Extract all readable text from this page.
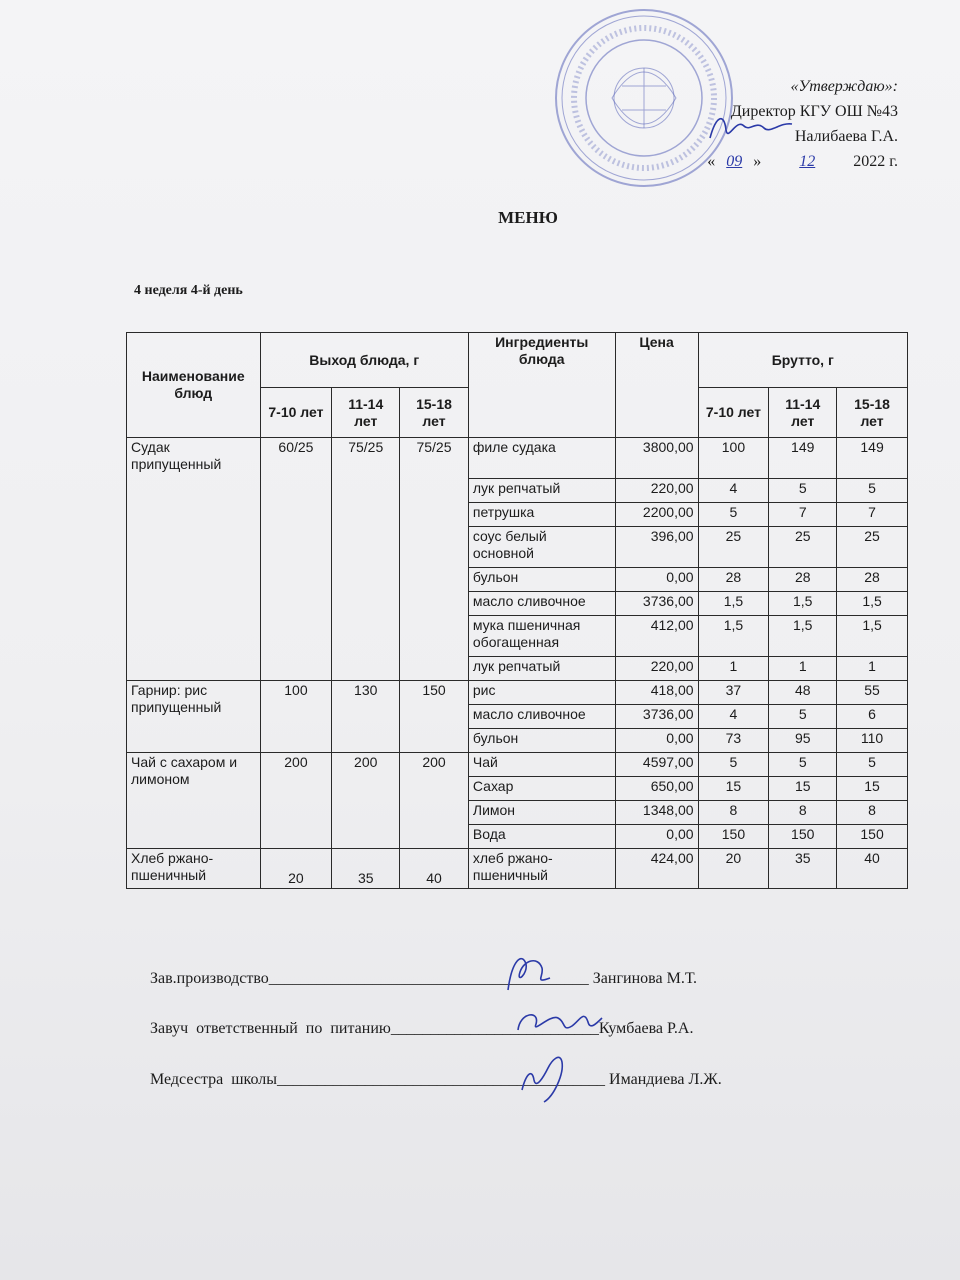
«Утверждаю»:
Директор КГУ ОШ №43
Налибаева Г.А.
« 09 » 12 2022 г.
МЕНЮ
4 неделя 4-й день
Наименование блюд	Выход блюда, г			Ингредиенты блюда	Цена	Брутто, г		
	7-10 лет	11-14 лет	15-18 лет			7-10 лет	11-14 лет	15-18 лет
Судак припущенный	60/25	75/25	75/25	филе судака	3800,00	100	149	149
				лук репчатый	220,00	4	5	5
				петрушка	2200,00	5	7	7
				соус белый основной	396,00	25	25	25
				бульон	0,00	28	28	28
				масло сливочное	3736,00	1,5	1,5	1,5
				мука пшеничная обогащенная	412,00	1,5	1,5	1,5
				лук репчатый	220,00	1	1	1
Гарнир: рис припущенный	100	130	150	рис	418,00	37	48	55
				масло сливочное	3736,00	4	5	6
				бульон	0,00	73	95	110
Чай с сахаром и лимоном	200	200	200	Чай	4597,00	5	5	5
				Сахар	650,00	15	15	15
				Лимон	1348,00	8	8	8
				Вода	0,00	150	150	150
Хлеб ржано-пшеничный	20	35	40	хлеб ржано-пшеничный	424,00	20	35	40
Зав.производство________________________________________ Зангинова М.Т.
Завуч  ответственный  по  питанию__________________________Кумбаева Р.А.
Медсестра  школы_________________________________________ Имандиева Л.Ж.
